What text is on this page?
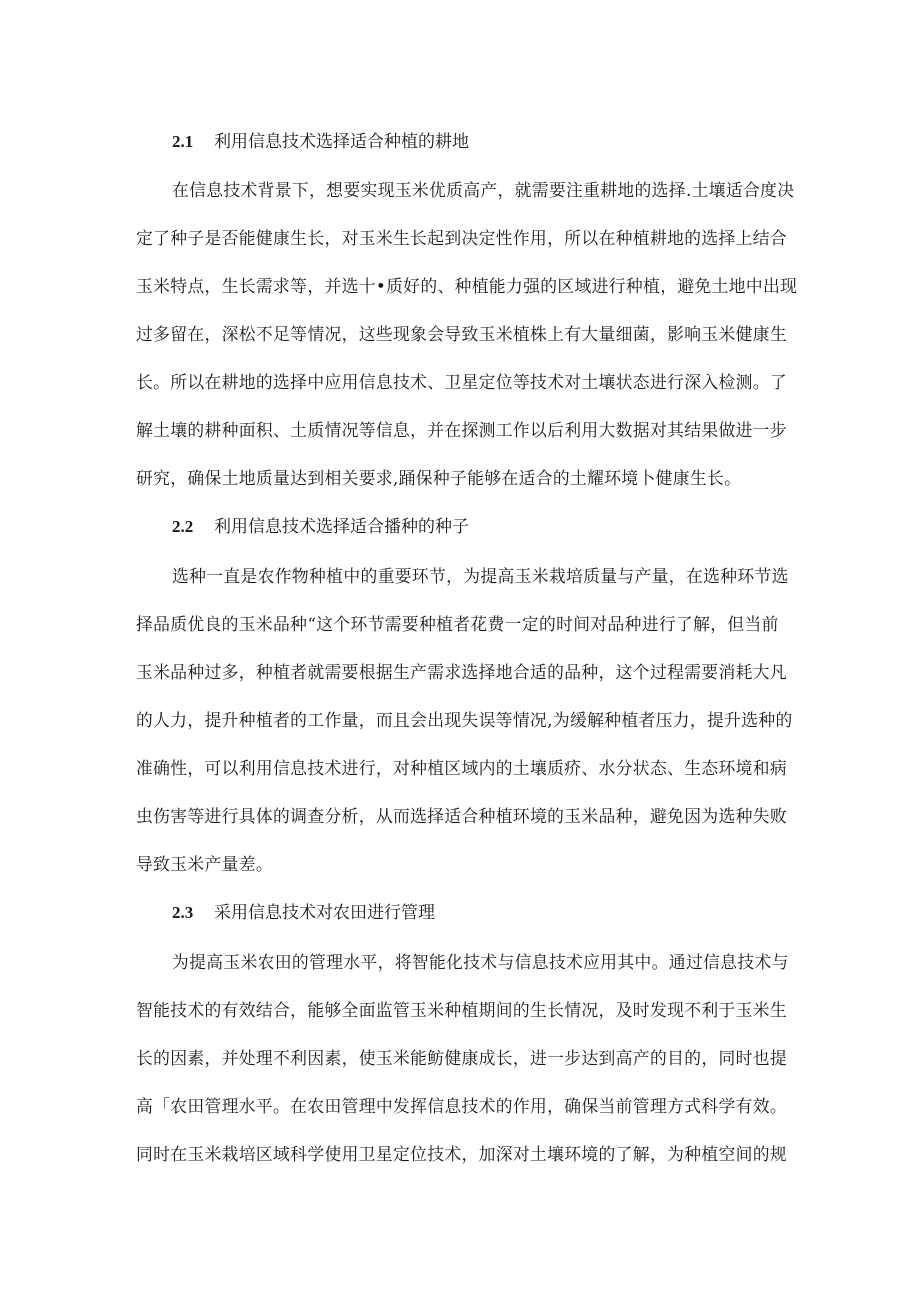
2.1 利用信息技术选择适合种植的耕地
在信息技术背景下，想要实现玉米优质高产，就需要注重耕地的选择.土壤适合度决
定了种子是否能健康生长，对玉米生长起到决定性作用，所以在种植耕地的选择上结合
玉米特点，生长需求等，并选十•质好的、种植能力强的区域进行种植，避免土地中出现
过多留在，深松不足等情况，这些现象会导致玉米植株上有大量细菌，影响玉米健康生
长。所以在耕地的选择中应用信息技术、卫星定位等技术对土壤状态进行深入检测。了
解土壤的耕种面积、土质情况等信息，并在探测工作以后利用大数据对其结果做进一步
研究，确保土地质量达到相关要求,踊保种子能够在适合的土耀环境卜健康生长。
2.2 利用信息技术选择适合播种的种子
选种一直是农作物种植中的重要环节，为提高玉米栽培质量与产量，在选种环节选
择品质优良的玉米品种“这个环节需要种植者花费一定的时间对品种进行了解，但当前
玉米品种过多，种植者就需要根据生产需求选择地合适的品种，这个过程需要消耗大凡
的人力，提升种植者的工作量，而且会出现失误等情况,为缓解种植者压力，提升选种的
准确性，可以利用信息技术进行，对种植区域内的土壤质疥、水分状态、生态环境和病
虫伤害等进行具体的调查分析，从而选择适合种植环境的玉米品种，避免因为选种失败
导致玉米产量差。
2.3 采用信息技术对农田进行管理
为提高玉米农田的管理水平，将智能化技术与信息技术应用其中。通过信息技术与
智能技术的有效结合，能够全面监管玉米种植期间的生长情况，及时发现不利于玉米生
长的因素，并处理不利因素，使玉米能鲂健康成长，进一步达到高产的目的，同时也提
高「农田管理水平。在农田管理中发挥信息技术的作用，确保当前管理方式科学有效。
同时在玉米栽培区域科学使用卫星定位技术，加深对土壤环境的了解，为种植空间的规
